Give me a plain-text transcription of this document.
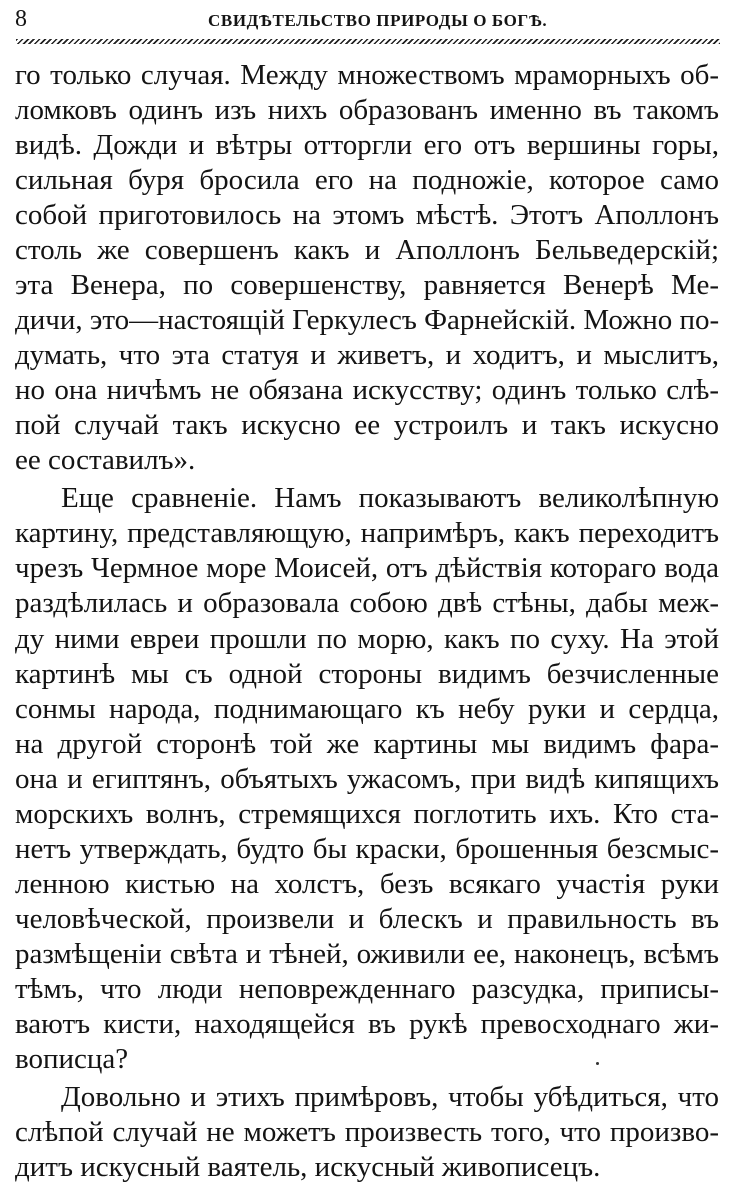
8	СВИДѢТЕЛЬСТВО ПРИРОДЫ О БОГѢ.
го только случая. Между множествомъ мраморныхъ об-
ломковъ одинъ изъ нихъ образованъ именно въ такомъ
видѣ. Дожди и вѣтры отторгли его отъ вершины горы,
сильная буря бросила его на подножіе, которое само
собой приготовилось на этомъ мѣстѣ. Этотъ Аполлонъ
столь же совершенъ какъ и Аполлонъ Бельведерскій;
эта Венера, по совершенству, равняется Венерѣ Ме-
дичи, это—настоящій Геркулесъ Фарнейскій. Можно по-
думать, что эта статуя и живетъ, и ходитъ, и мыслитъ,
но она ничѣмъ не обязана искусству; одинъ только слѣ-
пой случай такъ искусно ее устроилъ и такъ искусно
ее составилъ».
Еще сравненіе. Намъ показываютъ великолѣпную
картину, представляющую, напримѣръ, какъ переходитъ
чрезъ Чермное море Моисей, отъ дѣйствія котораго вода
раздѣлилась и образовала собою двѣ стѣны, дабы меж-
ду ними евреи прошли по морю, какъ по суху. На этой
картинѣ мы съ одной стороны видимъ безчисленные
сонмы народа, поднимающаго къ небу руки и сердца,
на другой сторонѣ той же картины мы видимъ фара-
она и египтянъ, объятыхъ ужасомъ, при видѣ кипящихъ
морскихъ волнъ, стремящихся поглотить ихъ. Кто ста-
нетъ утверждать, будто бы краски, брошенныя безсмыс-
ленною кистью на холстъ, безъ всякаго участія руки
человѣческой, произвели и блескъ и правильность въ
размѣщеніи свѣта и тѣней, оживили ее, наконецъ, всѣмъ
тѣмъ, что люди неповрежденнаго разсудка, приписы-
ваютъ кисти, находящейся въ рукѣ превосходнаго жи-
вописца?
Довольно и этихъ примѣровъ, чтобы убѣдиться, что
слѣпой случай не можетъ произвесть того, что произво-
дитъ искусный ваятель, искусный живописецъ.
